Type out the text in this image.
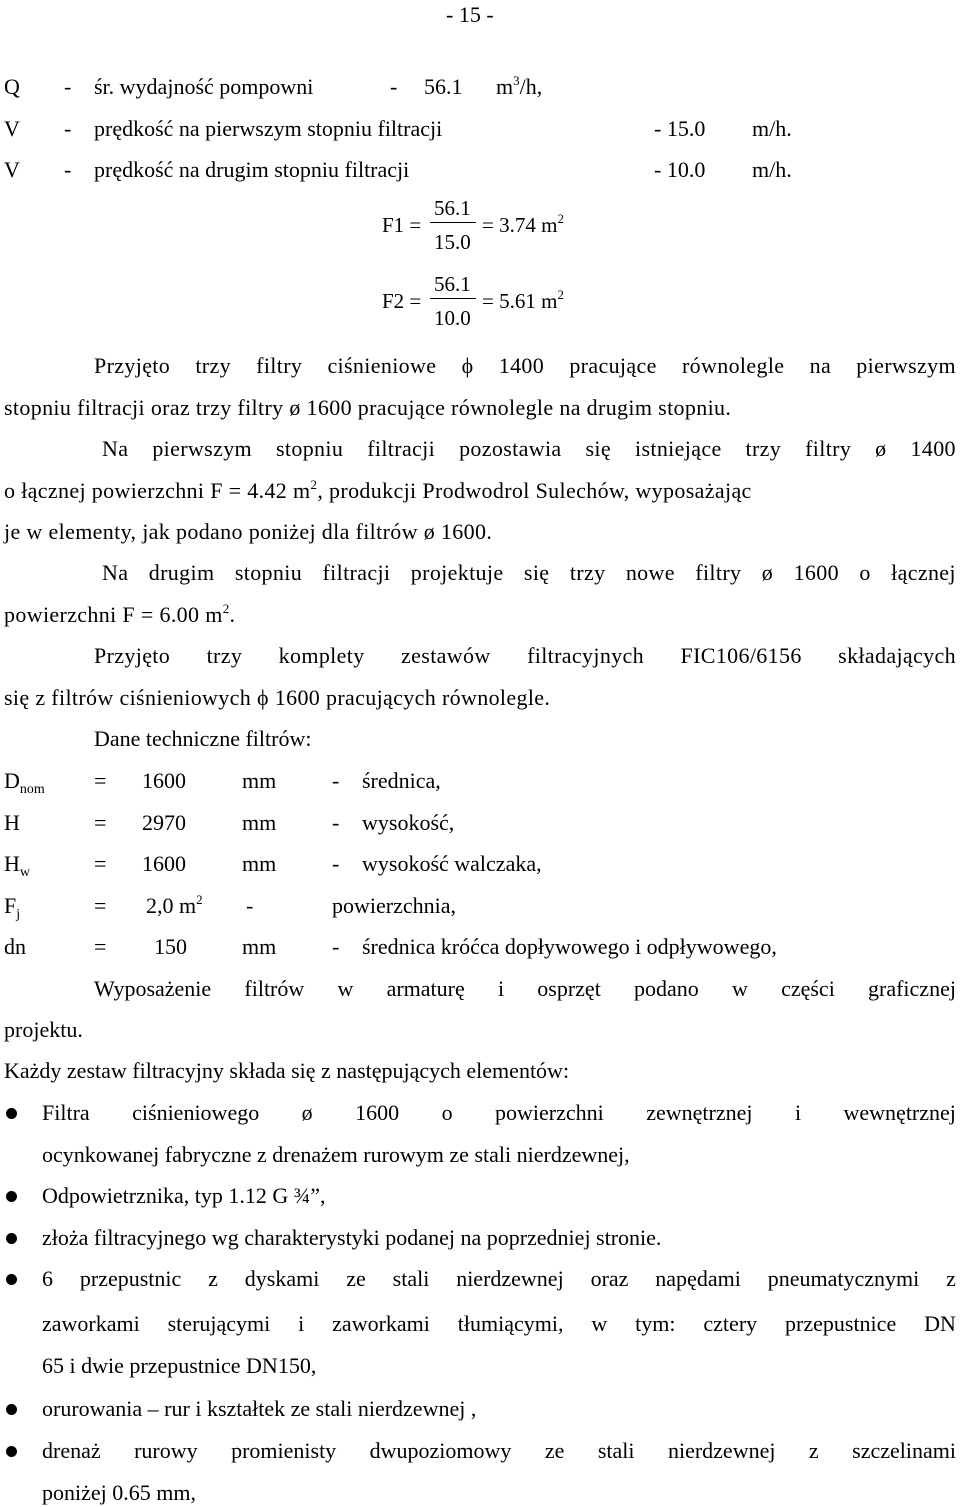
- 15 -
Q - śr. wydajność pompowni	- 56.1 $m^3/h$,
V - prędkość na pierwszym stopniu filtracji	- 15.0 m/h.
V - prędkość na drugim stopniu filtracji	- 10.0 m/h.
F1 =
56.1
15.0
= 3.74 $m^2$
F2 =
56.1
10.0
= 5.61 $m^2$
Przyjęto trzy filtry ciśnieniowe ϕ 1400 pracujące równolegle na pierwszym
stopniu filtracji oraz trzy filtry ø 1600 pracujące równolegle na drugim stopniu.
Na pierwszym stopniu filtracji pozostawia się istniejące trzy filtry ø 1400
o łącznej powierzchni F = 4.42 $m^2$, produkcji Prodwodrol Sulechów, wyposażając
je w elementy, jak podano poniżej dla filtrów ø 1600.
Na drugim stopniu filtracji projektuje się trzy nowe filtry ø 1600 o łącznej
powierzchni F = 6.00 $m^2$.
Przyjęto trzy komplety zestawów filtracyjnych FIC106/6156 składających
się z filtrów ciśnieniowych ϕ 1600 pracujących równolegle.
Dane techniczne filtrów:
$D_{nom} = 1600$	mm	- średnica,
H	= 2970	mm	- wysokość,
$H_w$	= 1600	mm	- wysokość walczaka,
$F_j$	= 2,0 $m^2$ -	powierzchnia,
dn	= 150	mm	- średnica króćca dopływowego i odpływowego,
Wyposażenie filtrów w armaturę i osprzęt podano w części graficznej
projektu.
Każdy zestaw filtracyjny składa się z następujących elementów:
Filtra ciśnieniowego ø 1600 o powierzchni zewnętrznej i wewnętrznej
ocynkowanej fabryczne z drenażem rurowym ze stali nierdzewnej,
Odpowietrznika, typ 1.12 G ¾”,
złoża filtracyjnego wg charakterystyki podanej na poprzedniej stronie.
6 przepustnic z dyskami ze stali nierdzewnej oraz napędami pneumatycznymi z
zaworkami sterującymi i zaworkami tłumiącymi, w tym: cztery przepustnice DN
65 i dwie przepustnice DN150,
orurowania – rur i kształtek ze stali nierdzewnej ,
drenaż rurowy promienisty dwupoziomowy ze stali nierdzewnej z szczelinami
poniżej 0.65 mm,
